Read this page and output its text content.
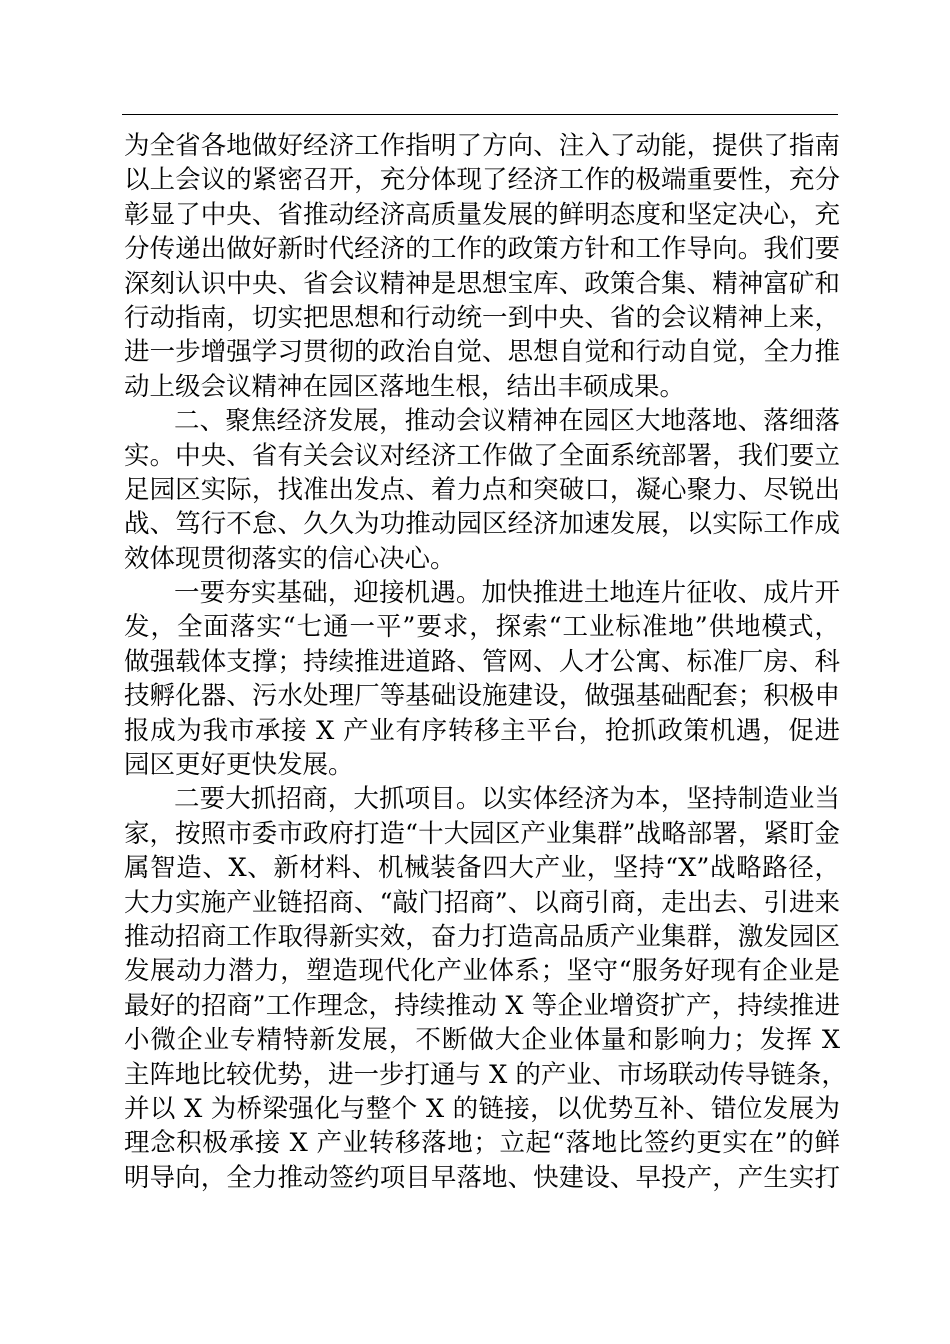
为全省各地做好经济工作指明了方向、注入了动能，提供了指南
以上会议的紧密召开，充分体现了经济工作的极端重要性，充分
彰显了中央、省推动经济高质量发展的鲜明态度和坚定决心，充
分传递出做好新时代经济的工作的政策方针和工作导向。我们要
深刻认识中央、省会议精神是思想宝库、政策合集、精神富矿和
行动指南，切实把思想和行动统一到中央、省的会议精神上来，
进一步增强学习贯彻的政治自觉、思想自觉和行动自觉，全力推
动上级会议精神在园区落地生根，结出丰硕成果。
二、聚焦经济发展，推动会议精神在园区大地落地、落细落
实。中央、省有关会议对经济工作做了全面系统部署，我们要立
足园区实际，找准出发点、着力点和突破口，凝心聚力、尽锐出
战、笃行不怠、久久为功推动园区经济加速发展，以实际工作成
效体现贯彻落实的信心决心。
一要夯实基础，迎接机遇。加快推进土地连片征收、成片开
发，全面落实“七通一平”要求，探索“工业标准地”供地模式，
做强载体支撑；持续推进道路、管网、人才公寓、标准厂房、科
技孵化器、污水处理厂等基础设施建设，做强基础配套；积极申
报成为我市承接 X 产业有序转移主平台，抢抓政策机遇，促进
园区更好更快发展。
二要大抓招商，大抓项目。以实体经济为本，坚持制造业当
家，按照市委市政府打造“十大园区产业集群”战略部署，紧盯金
属智造、X、新材料、机械装备四大产业，坚持“X”战略路径，
大力实施产业链招商、“敲门招商”、以商引商，走出去、引进来
推动招商工作取得新实效，奋力打造高品质产业集群，激发园区
发展动力潜力，塑造现代化产业体系；坚守“服务好现有企业是
最好的招商”工作理念，持续推动 X 等企业增资扩产，持续推进
小微企业专精特新发展，不断做大企业体量和影响力；发挥 X
主阵地比较优势，进一步打通与 X 的产业、市场联动传导链条，
并以 X 为桥梁强化与整个 X 的链接，以优势互补、错位发展为
理念积极承接 X 产业转移落地；立起“落地比签约更实在”的鲜
明导向，全力推动签约项目早落地、快建设、早投产，产生实打
